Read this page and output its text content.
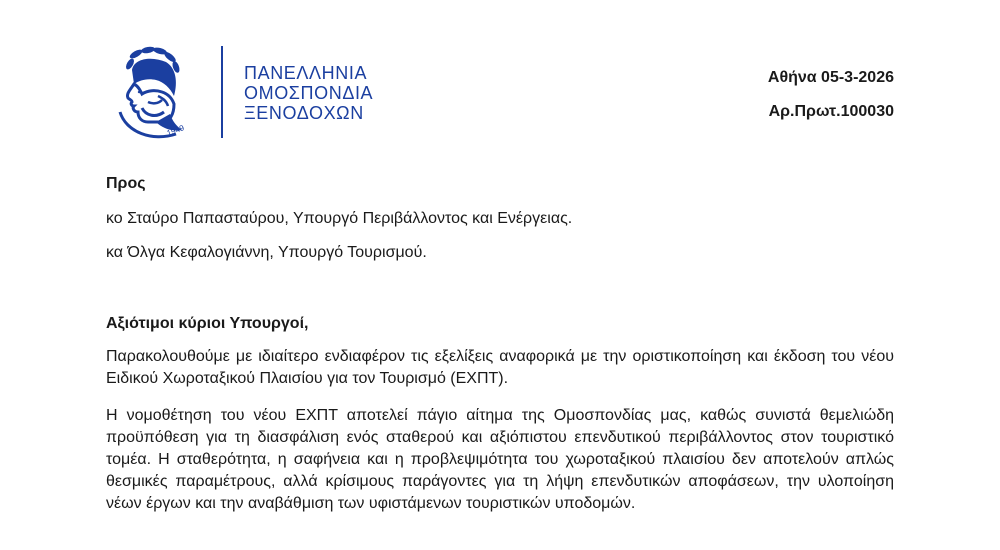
1949
ΠΑΝΕΛΛΗΝΙΑ
ΟΜΟΣΠΟΝΔΙΑ
ΞΕΝΟΔΟΧΩΝ
Αθήνα 05-3-2026
Αρ.Πρωτ.100030
Προς
κο Σταύρο Παπασταύρου, Υπουργό Περιβάλλοντος και Ενέργειας.
κα Όλγα Κεφαλογιάννη, Υπουργό Τουρισμού.
Αξιότιμοι κύριοι Υπουργοί,
Παρακολουθούμε με ιδιαίτερο ενδιαφέρον τις εξελίξεις αναφορικά με την οριστικοποίηση και έκδοση του νέου Ειδικού Χωροταξικού Πλαισίου για τον Τουρισμό (ΕΧΠΤ).
Η νομοθέτηση του νέου ΕΧΠΤ αποτελεί πάγιο αίτημα της Ομοσπονδίας μας, καθώς συνιστά θεμελιώδη προϋπόθεση για τη διασφάλιση ενός σταθερού και αξιόπιστου επενδυτικού περιβάλλοντος στον τουριστικό τομέα. Η σταθερότητα, η σαφήνεια και η προβλεψιμότητα του χωροταξικού πλαισίου δεν αποτελούν απλώς θεσμικές παραμέτρους, αλλά κρίσιμους παράγοντες για τη λήψη επενδυτικών αποφάσεων, την υλοποίηση νέων έργων και την αναβάθμιση των υφιστάμενων τουριστικών υποδομών.
